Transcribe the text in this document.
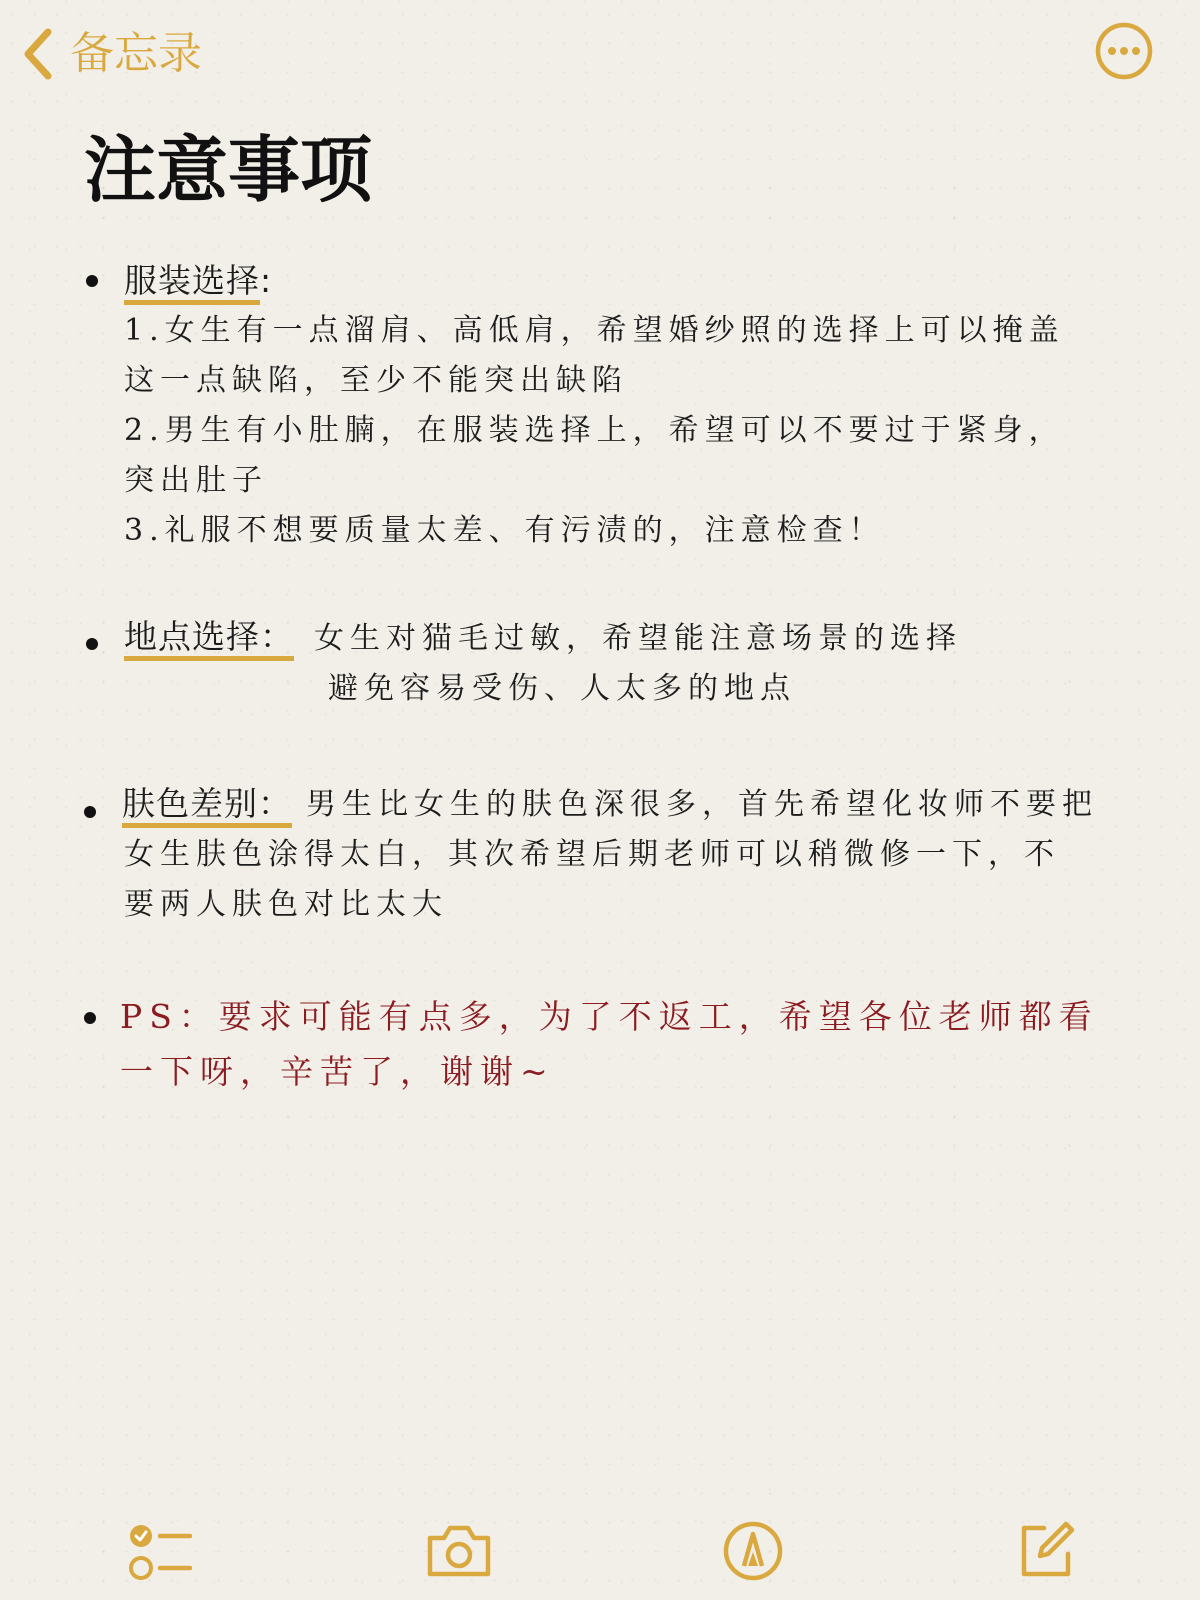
备忘录
注意事项
服装选择:
1.女生有一点溜肩、高低肩，希望婚纱照的选择上可以掩盖
这一点缺陷，至少不能突出缺陷
2.男生有小肚腩，在服装选择上，希望可以不要过于紧身，
突出肚子
3.礼服不想要质量太差、有污渍的，注意检查！
地点选择： 女生对猫毛过敏，希望能注意场景的选择
避免容易受伤、人太多的地点
肤色差别： 男生比女生的肤色深很多，首先希望化妆师不要把
女生肤色涂得太白，其次希望后期老师可以稍微修一下，不
要两人肤色对比太大
PS：要求可能有点多，为了不返工，希望各位老师都看
一下呀，辛苦了，谢谢~
